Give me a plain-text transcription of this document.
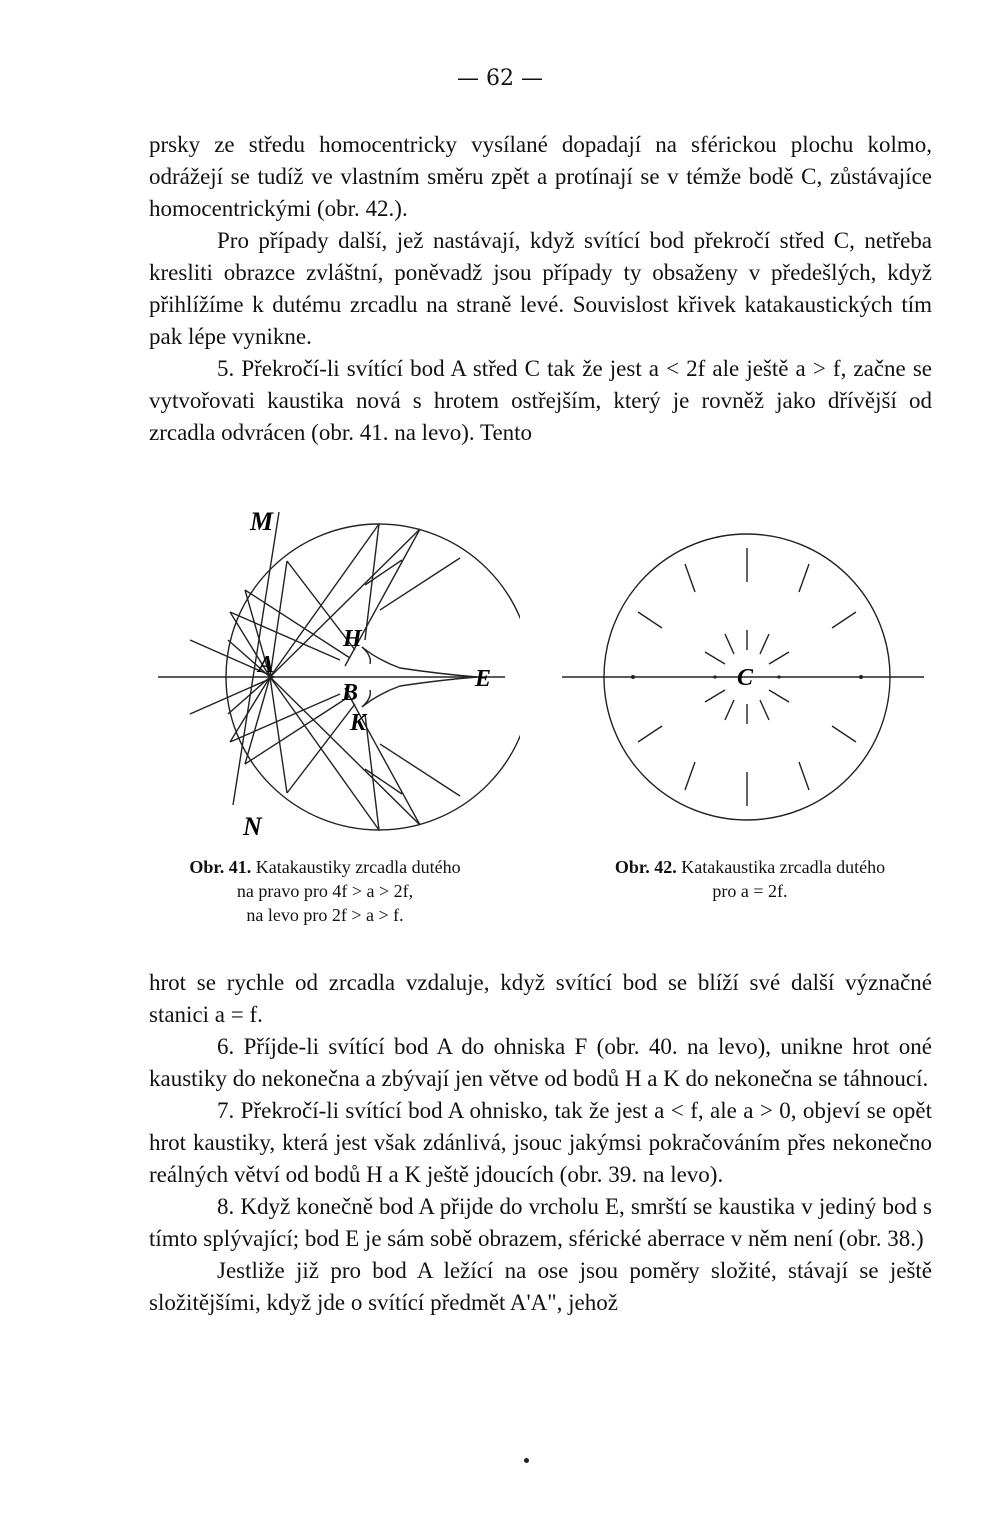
— 62 —

prsky ze středu homocentricky vysílané dopadají na sférickou plochu kolmo, odrážejí se tudíž ve vlastním směru zpět a protínají se v témže bodě C, zůstávajíce homocentrickými (obr. 42.).

Pro případy další, jež nastávají, když svítící bod překročí střed C, netřeba kresliti obrazce zvláštní, poněvadž jsou případy ty obsaženy v předešlých, když přihlížíme k dutému zrcadlu na straně levé. Souvislost křivek katakaustických tím pak lépe vynikne.

5. Překročí-li svítící bod A střed C tak že jest a < 2f ale ještě a > f, začne se vytvořovati kaustika nová s hrotem ostřejším, který je rovněž jako dřívější od zrcadla odvrácen (obr. 41. na levo). Tento

M
N
A
H
B
K
E	C
Obr. 41. Katakaustiky zrcadla dutého
na pravo pro 4f > a > 2f,
na levo pro 2f > a > f.
Obr. 42. Katakaustika zrcadla dutého
pro a = 2f.

hrot se rychle od zrcadla vzdaluje, když svítící bod se blíží své další význačné stanici a = f.

6. Příjde-li svítící bod A do ohniska F (obr. 40. na levo), unikne hrot oné kaustiky do nekonečna a zbývají jen větve od bodů H a K do nekonečna se táhnoucí.

7. Překročí-li svítící bod A ohnisko, tak že jest a < f, ale a > 0, objeví se opět hrot kaustiky, která jest však zdánlivá, jsouc jakýmsi pokračováním přes nekonečno reálných větví od bodů H a K ještě jdoucích (obr. 39. na levo).

8. Když konečně bod A přijde do vrcholu E, smrští se kaustika v jediný bod s tímto splývající; bod E je sám sobě obrazem, sférické aberrace v něm není (obr. 38.)

Jestliže již pro bod A ležící na ose jsou poměry složité, stávají se ještě složitějšími, když jde o svítící předmět A'A", jehož
